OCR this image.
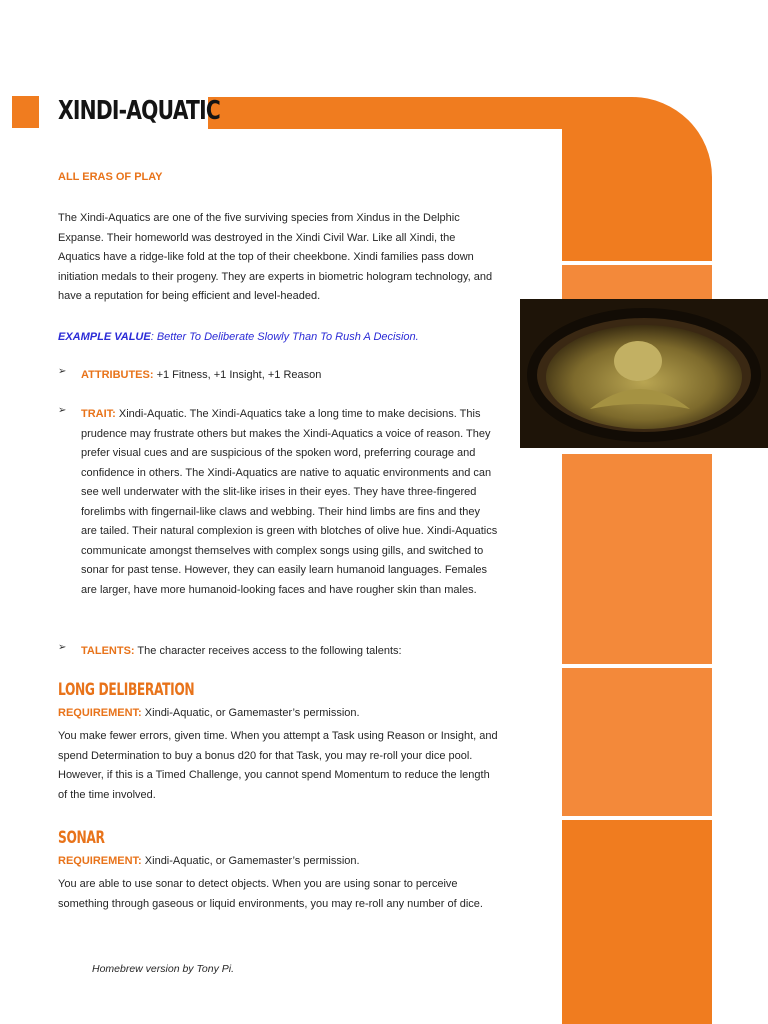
XINDI-AQUATIC
ALL ERAS OF PLAY
The Xindi-Aquatics are one of the five surviving species from Xindus in the Delphic Expanse. Their homeworld was destroyed in the Xindi Civil War. Like all Xindi, the Aquatics have a ridge-like fold at the top of their cheekbone. Xindi families pass down initiation medals to their progeny. They are experts in biometric hologram technology, and have a reputation for being efficient and level-headed.
EXAMPLE VALUE: Better To Deliberate Slowly Than To Rush A Decision.
➢ ATTRIBUTES: +1 Fitness, +1 Insight, +1 Reason
➢ TRAIT: Xindi-Aquatic. The Xindi-Aquatics take a long time to make decisions. This prudence may frustrate others but makes the Xindi-Aquatics a voice of reason. They prefer visual cues and are suspicious of the spoken word, preferring courage and confidence in others. The Xindi-Aquatics are native to aquatic environments and can see well underwater with the slit-like irises in their eyes. They have three-fingered forelimbs with fingernail-like claws and webbing. Their hind limbs are fins and they are tailed. Their natural complexion is green with blotches of olive hue. Xindi-Aquatics communicate amongst themselves with complex songs using gills, and switched to sonar for past tense. However, they can easily learn humanoid languages. Females are larger, have more humanoid-looking faces and have rougher skin than males.
➢ TALENTS: The character receives access to the following talents:
LONG DELIBERATION
REQUIREMENT: Xindi-Aquatic, or Gamemaster’s permission.
You make fewer errors, given time. When you attempt a Task using Reason or Insight, and spend Determination to buy a bonus d20 for that Task, you may re-roll your dice pool. However, if this is a Timed Challenge, you cannot spend Momentum to reduce the length of the time involved.
SONAR
REQUIREMENT: Xindi-Aquatic, or Gamemaster’s permission.
You are able to use sonar to detect objects. When you are using sonar to perceive something through gaseous or liquid environments, you may re-roll any number of dice.
Homebrew version by Tony Pi.
